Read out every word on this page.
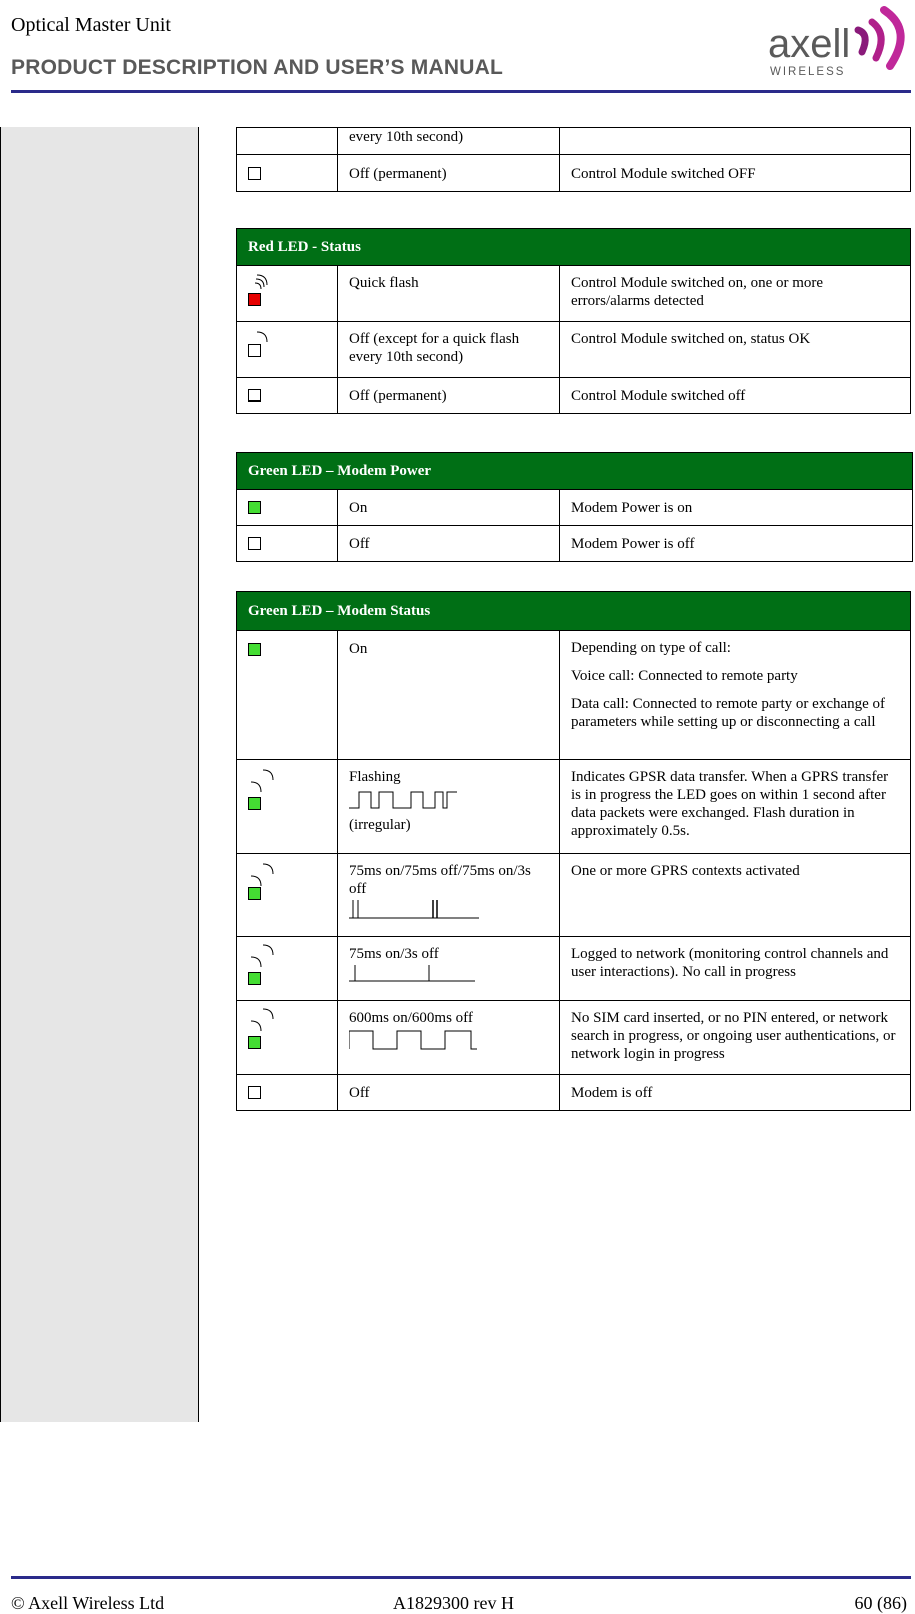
Optical Master Unit
PRODUCT DESCRIPTION AND USER’S MANUAL
axell
WIRELESS
	every 10th second)	

	Off (permanent)	Control Module switched OFF
Red LED - Status		

	Quick flash	Control Module switched on, one or more errors/alarms detected

	Off (except for a quick flash every 10th second)	Control Module switched on, status OK

	Off (permanent)	Control Module switched off
Green LED – Modem Power		

	On	Modem Power is on

	Off	Modem Power is off
Green LED – Modem Status		

	On	Depending on type of call:

Voice call: Connected to remote party

Data call: Connected to remote party or exchange of parameters while setting up or disconnecting a call

Flashing

(irregular)	Indicates GPSR data transfer. When a GPRS transfer is in progress the LED goes on within 1 second after data packets were exchanged. Flash duration in approximately 0.5s.

75ms on/75ms off/75ms on/3s off	One or more GPRS contexts activated

75ms on/3s off	Logged to network (monitoring control channels and user interactions). No call in progress

600ms on/600ms off	No SIM card inserted, or no PIN entered, or network search in progress, or ongoing user authentications, or network login in progress

	Off	Modem is off
© Axell Wireless Ltd	A1829300 rev H	60 (86)
